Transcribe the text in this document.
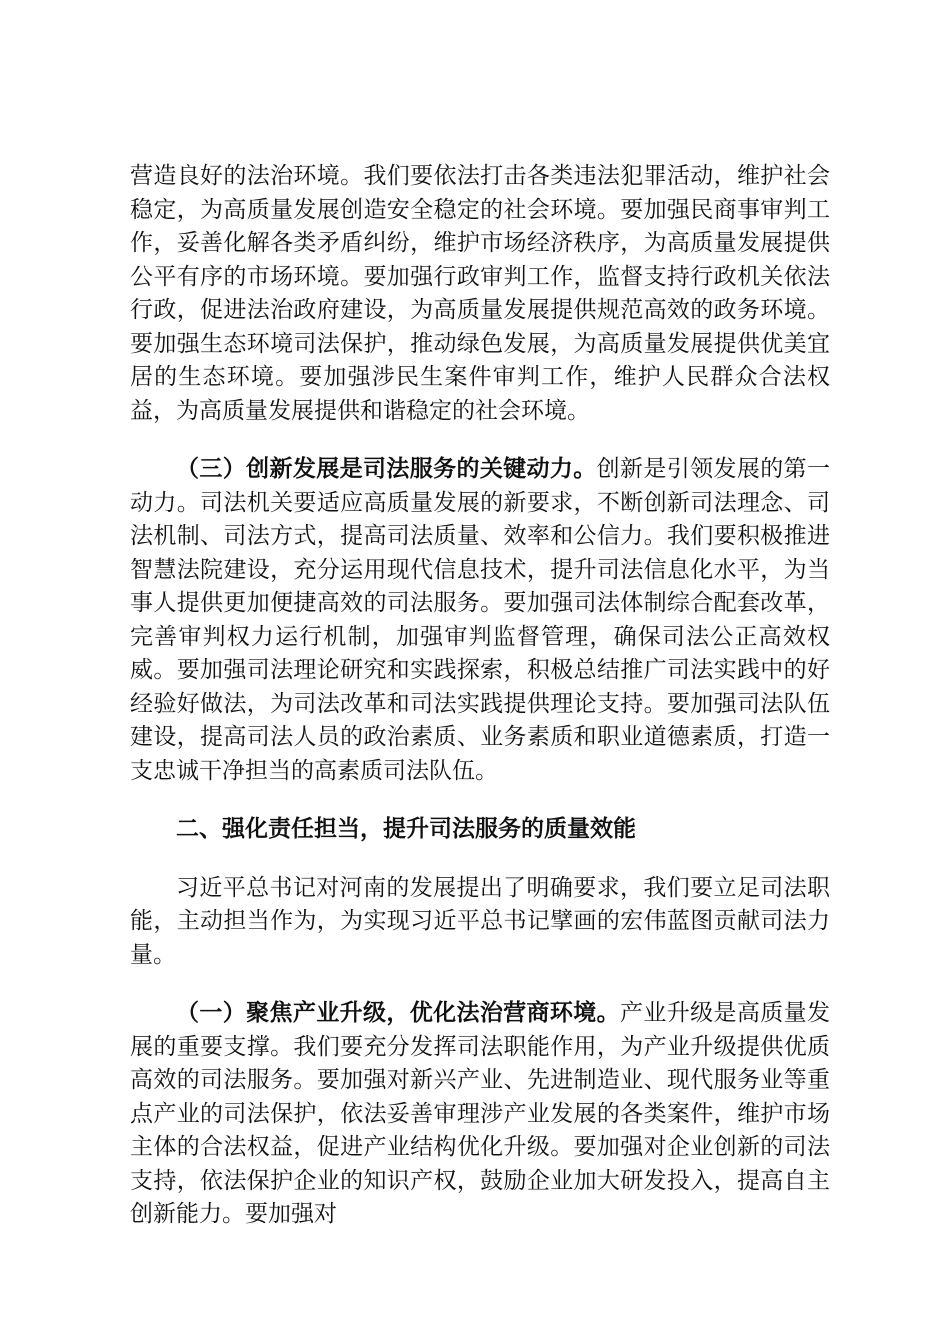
营造良好的法治环境。我们要依法打击各类违法犯罪活动，维护社会稳定，为高质量发展创造安全稳定的社会环境。要加强民商事审判工作，妥善化解各类矛盾纠纷，维护市场经济秩序，为高质量发展提供公平有序的市场环境。要加强行政审判工作，监督支持行政机关依法行政，促进法治政府建设，为高质量发展提供规范高效的政务环境。要加强生态环境司法保护，推动绿色发展，为高质量发展提供优美宜居的生态环境。要加强涉民生案件审判工作，维护人民群众合法权益，为高质量发展提供和谐稳定的社会环境。

（三）创新发展是司法服务的关键动力。创新是引领发展的第一动力。司法机关要适应高质量发展的新要求，不断创新司法理念、司法机制、司法方式，提高司法质量、效率和公信力。我们要积极推进智慧法院建设，充分运用现代信息技术，提升司法信息化水平，为当事人提供更加便捷高效的司法服务。要加强司法体制综合配套改革，完善审判权力运行机制，加强审判监督管理，确保司法公正高效权威。要加强司法理论研究和实践探索，积极总结推广司法实践中的好经验好做法，为司法改革和司法实践提供理论支持。要加强司法队伍建设，提高司法人员的政治素质、业务素质和职业道德素质，打造一支忠诚干净担当的高素质司法队伍。

二、强化责任担当，提升司法服务的质量效能

习近平总书记对河南的发展提出了明确要求，我们要立足司法职能，主动担当作为，为实现习近平总书记擘画的宏伟蓝图贡献司法力量。

（一）聚焦产业升级，优化法治营商环境。产业升级是高质量发展的重要支撑。我们要充分发挥司法职能作用，为产业升级提供优质高效的司法服务。要加强对新兴产业、先进制造业、现代服务业等重点产业的司法保护，依法妥善审理涉产业发展的各类案件，维护市场主体的合法权益，促进产业结构优化升级。要加强对企业创新的司法支持，依法保护企业的知识产权，鼓励企业加大研发投入，提高自主创新能力。要加强对
